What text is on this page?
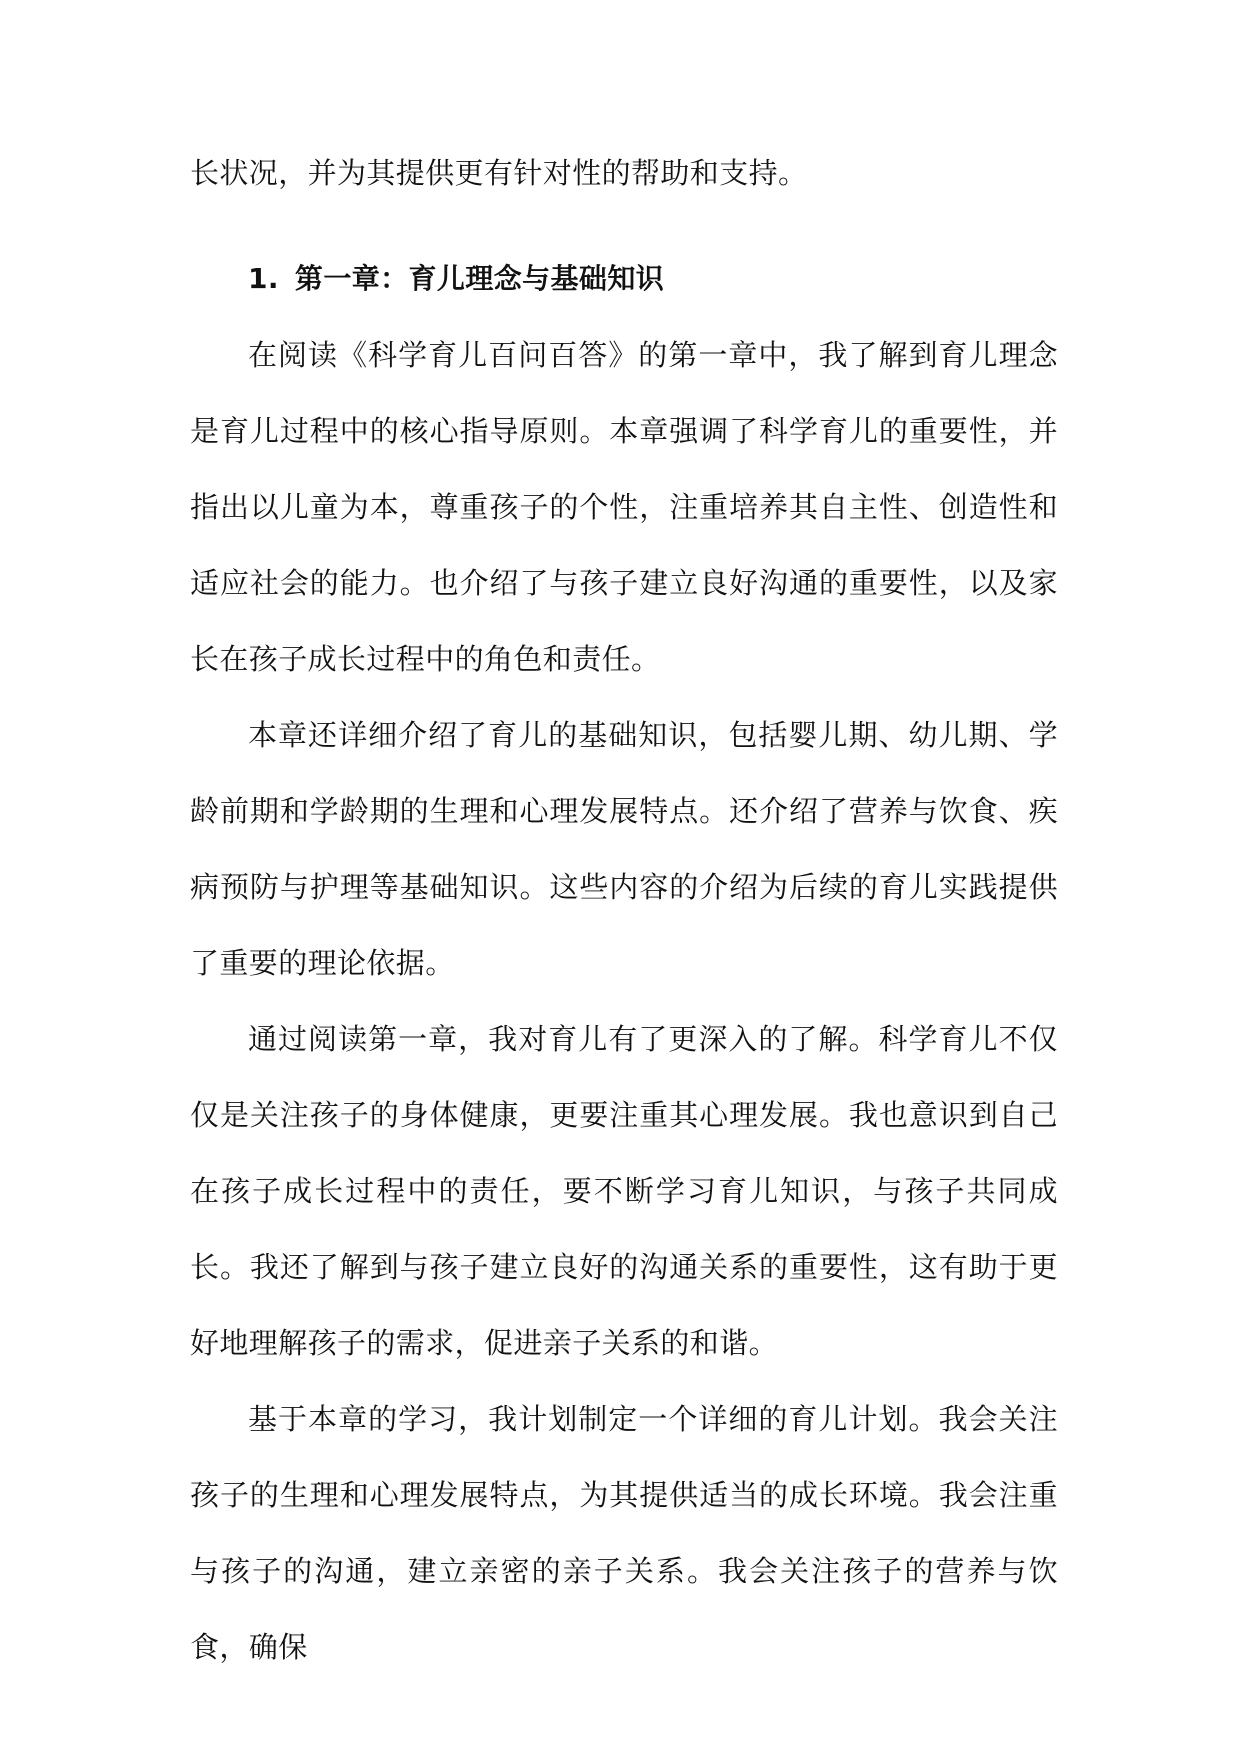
长状况，并为其提供更有针对性的帮助和支持。
1. 第一章：育儿理念与基础知识

在阅读《科学育儿百问百答》的第一章中，我了解到育儿理念是育儿过程中的核心指导原则。本章强调了科学育儿的重要性，并指出以儿童为本，尊重孩子的个性，注重培养其自主性、创造性和适应社会的能力。也介绍了与孩子建立良好沟通的重要性，以及家长在孩子成长过程中的角色和责任。

本章还详细介绍了育儿的基础知识，包括婴儿期、幼儿期、学龄前期和学龄期的生理和心理发展特点。还介绍了营养与饮食、疾病预防与护理等基础知识。这些内容的介绍为后续的育儿实践提供了重要的理论依据。

通过阅读第一章，我对育儿有了更深入的了解。科学育儿不仅仅是关注孩子的身体健康，更要注重其心理发展。我也意识到自己在孩子成长过程中的责任，要不断学习育儿知识，与孩子共同成长。我还了解到与孩子建立良好的沟通关系的重要性，这有助于更好地理解孩子的需求，促进亲子关系的和谐。

基于本章的学习，我计划制定一个详细的育儿计划。我会关注孩子的生理和心理发展特点，为其提供适当的成长环境。我会注重与孩子的沟通，建立亲密的亲子关系。我会关注孩子的营养与饮食，确保
